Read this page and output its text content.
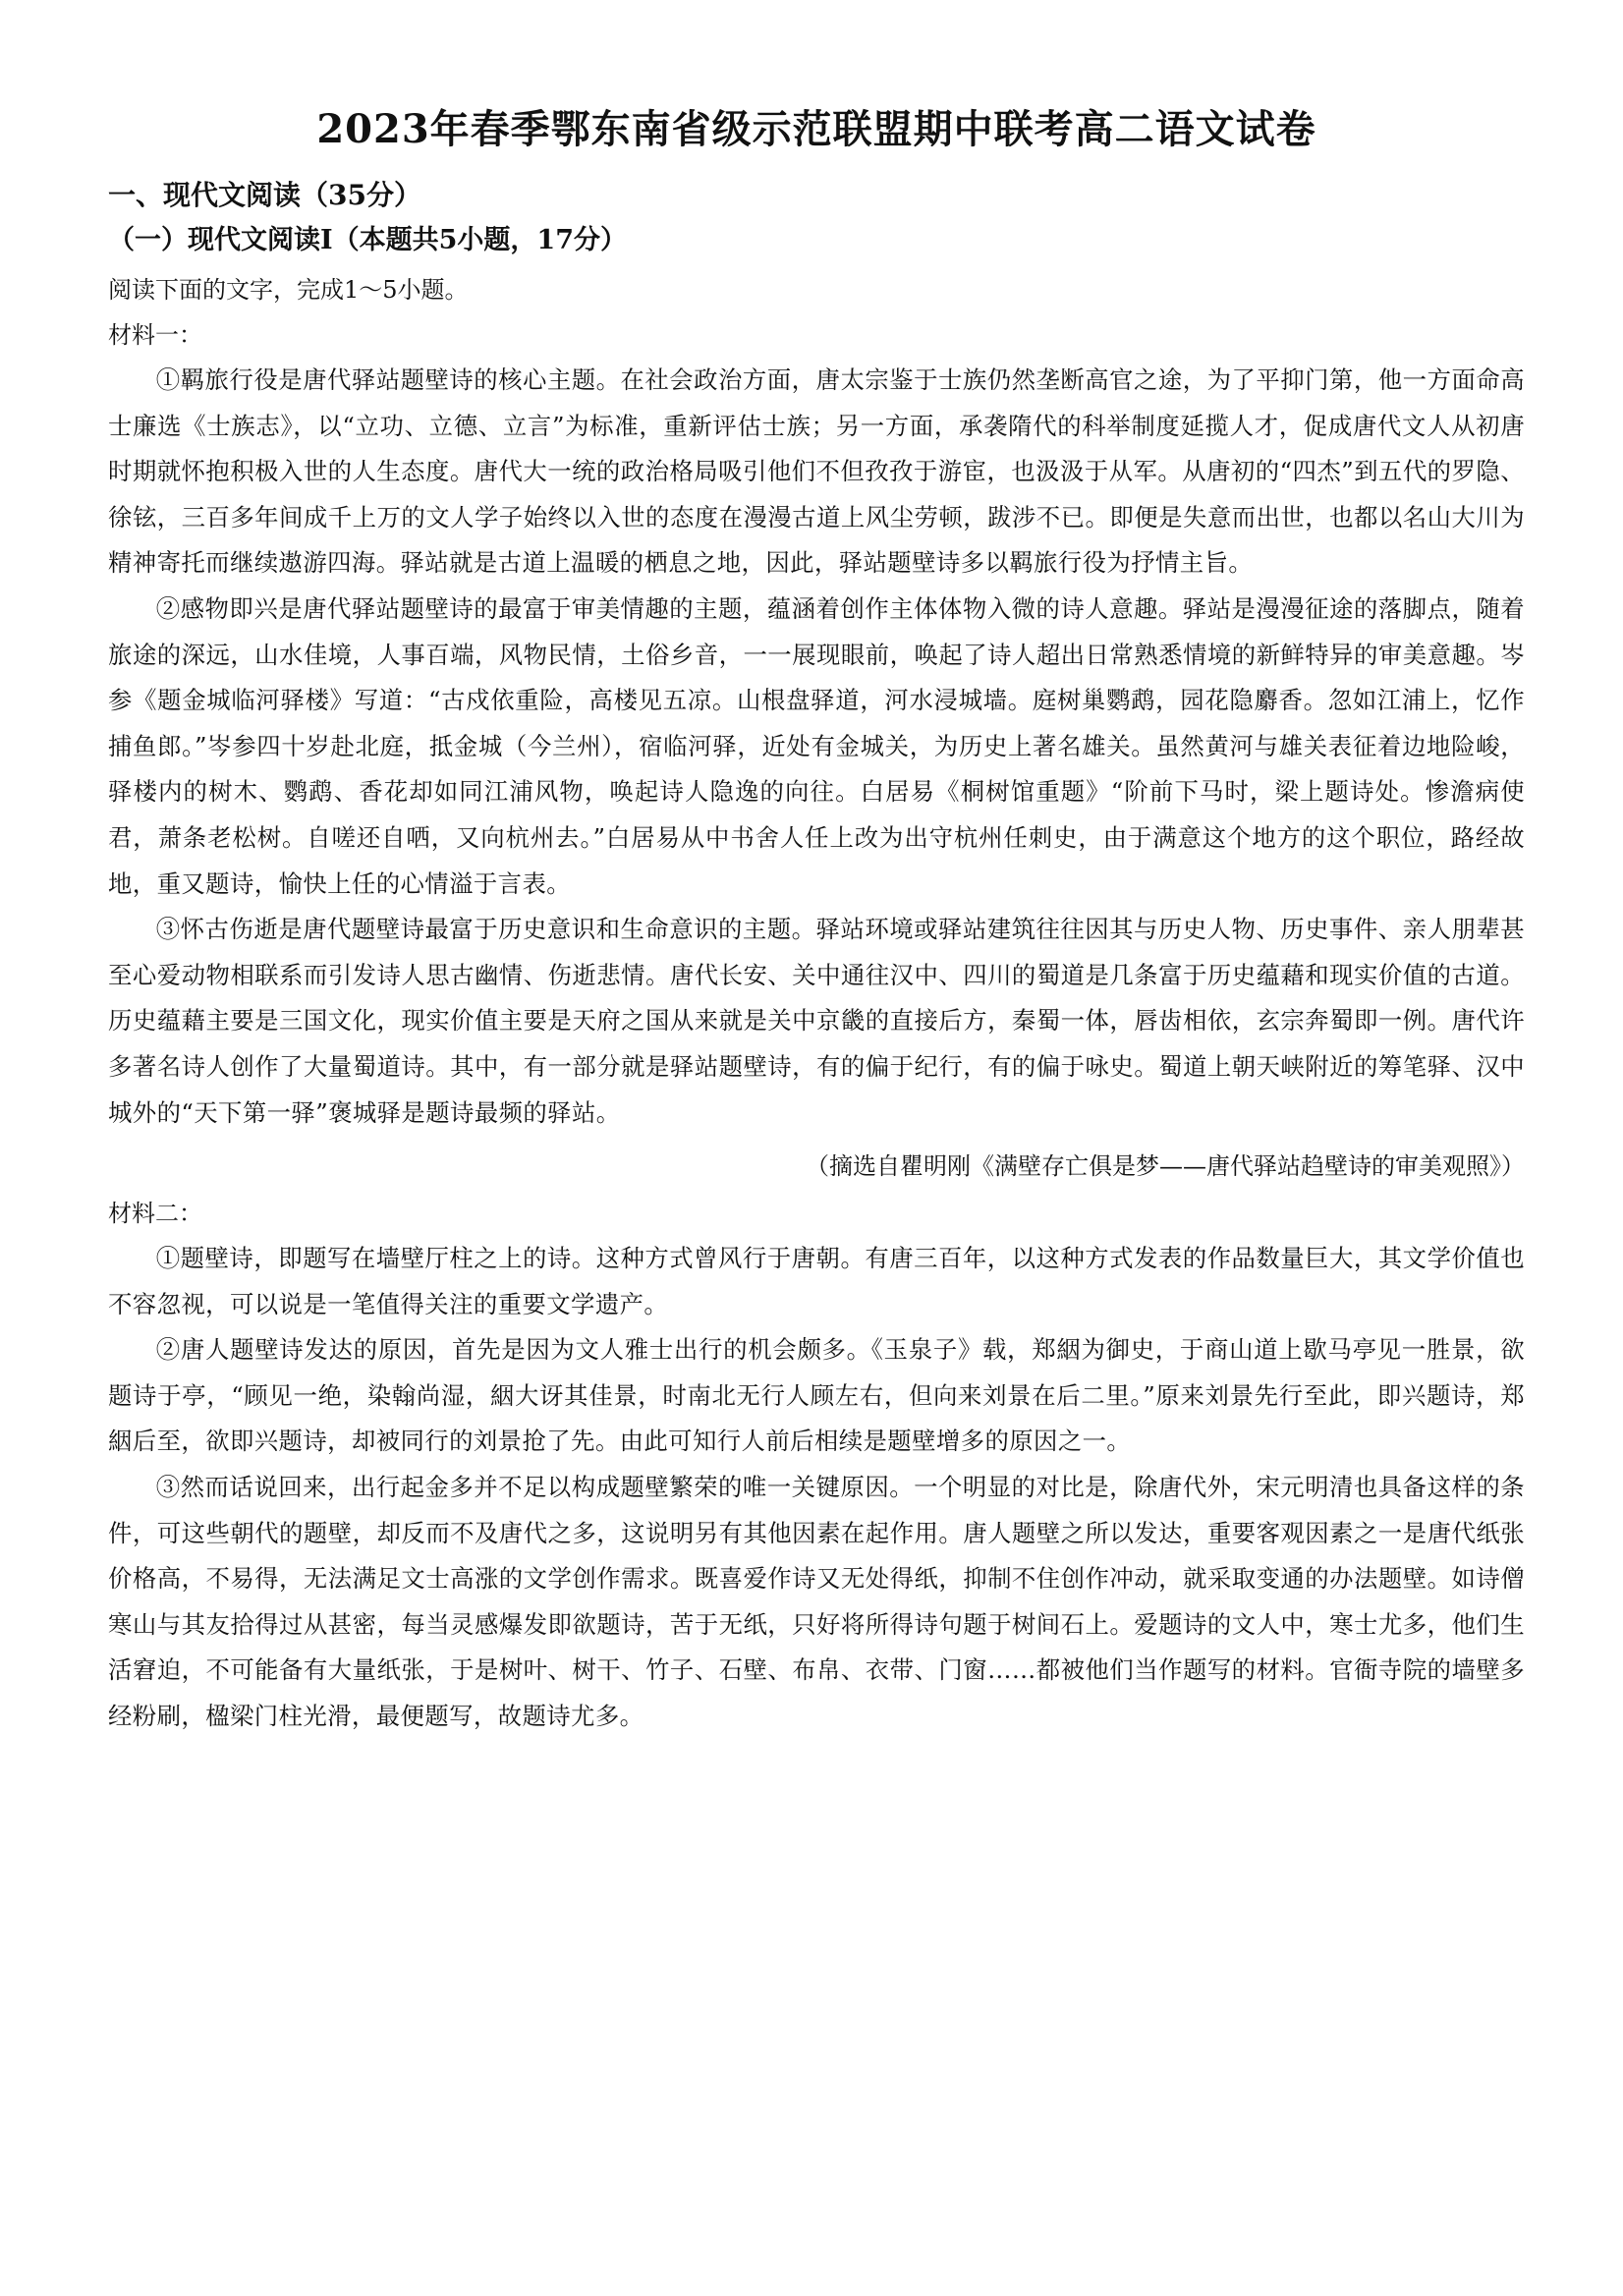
2023年春季鄂东南省级示范联盟期中联考高二语文试卷

一、现代文阅读（35分）

（一）现代文阅读Ⅰ（本题共5小题，17分）

阅读下面的文字，完成1～5小题。

材料一：

①羁旅行役是唐代驿站题壁诗的核心主题。在社会政治方面，唐太宗鉴于士族仍然垄断高官之途，为了平抑门第，他一方面命高士廉选《士族志》，以“立功、立德、立言”为标准，重新评估士族；另一方面，承袭隋代的科举制度延揽人才，促成唐代文人从初唐时期就怀抱积极入世的人生态度。唐代大一统的政治格局吸引他们不但孜孜于游宦，也汲汲于从军。从唐初的“四杰”到五代的罗隐、徐铉，三百多年间成千上万的文人学子始终以入世的态度在漫漫古道上风尘劳顿，跋涉不已。即便是失意而出世，也都以名山大川为精神寄托而继续遨游四海。驿站就是古道上温暖的栖息之地，因此，驿站题壁诗多以羁旅行役为抒情主旨。

②感物即兴是唐代驿站题壁诗的最富于审美情趣的主题，蕴涵着创作主体体物入微的诗人意趣。驿站是漫漫征途的落脚点，随着旅途的深远，山水佳境，人事百端，风物民情，土俗乡音，一一展现眼前，唤起了诗人超出日常熟悉情境的新鲜特异的审美意趣。岑参《题金城临河驿楼》写道：“古戍依重险，高楼见五凉。山根盘驿道，河水浸城墙。庭树巢鹦鹉，园花隐麝香。忽如江浦上，忆作捕鱼郎。”岑参四十岁赴北庭，抵金城（今兰州），宿临河驿，近处有金城关，为历史上著名雄关。虽然黄河与雄关表征着边地险峻，驿楼内的树木、鹦鹉、香花却如同江浦风物，唤起诗人隐逸的向往。白居易《桐树馆重题》“阶前下马时，梁上题诗处。惨澹病使君，萧条老松树。自嗟还自哂，又向杭州去。”白居易从中书舍人任上改为出守杭州任刺史，由于满意这个地方的这个职位，路经故地，重又题诗，愉快上任的心情溢于言表。

③怀古伤逝是唐代题壁诗最富于历史意识和生命意识的主题。驿站环境或驿站建筑往往因其与历史人物、历史事件、亲人朋辈甚至心爱动物相联系而引发诗人思古幽情、伤逝悲情。唐代长安、关中通往汉中、四川的蜀道是几条富于历史蕴藉和现实价值的古道。历史蕴藉主要是三国文化，现实价值主要是天府之国从来就是关中京畿的直接后方，秦蜀一体，唇齿相依，玄宗奔蜀即一例。唐代许多著名诗人创作了大量蜀道诗。其中，有一部分就是驿站题壁诗，有的偏于纪行，有的偏于咏史。蜀道上朝天峡附近的筹笔驿、汉中城外的“天下第一驿”褒城驿是题诗最频的驿站。

（摘选自瞿明刚《满壁存亡俱是梦——唐代驿站趋壁诗的审美观照》）

材料二：

①题壁诗，即题写在墙壁厅柱之上的诗。这种方式曾风行于唐朝。有唐三百年，以这种方式发表的作品数量巨大，其文学价值也不容忽视，可以说是一笔值得关注的重要文学遗产。

②唐人题壁诗发达的原因，首先是因为文人雅士出行的机会颇多。《玉泉子》载，郑絪为御史，于商山道上歇马亭见一胜景，欲题诗于亭，“顾见一绝，染翰尚湿，絪大讶其佳景，时南北无行人顾左右，但向来刘景在后二里。”原来刘景先行至此，即兴题诗，郑絪后至，欲即兴题诗，却被同行的刘景抢了先。由此可知行人前后相续是题壁增多的原因之一。

③然而话说回来，出行起金多并不足以构成题壁繁荣的唯一关键原因。一个明显的对比是，除唐代外，宋元明清也具备这样的条件，可这些朝代的题壁，却反而不及唐代之多，这说明另有其他因素在起作用。唐人题壁之所以发达，重要客观因素之一是唐代纸张价格高，不易得，无法满足文士高涨的文学创作需求。既喜爱作诗又无处得纸，抑制不住创作冲动，就采取变通的办法题壁。如诗僧寒山与其友拾得过从甚密，每当灵感爆发即欲题诗，苦于无纸，只好将所得诗句题于树间石上。爱题诗的文人中，寒士尤多，他们生活窘迫，不可能备有大量纸张，于是树叶、树干、竹子、石壁、布帛、衣带、门窗……都被他们当作题写的材料。官衙寺院的墙壁多经粉刷，楹梁门柱光滑，最便题写，故题诗尤多。
